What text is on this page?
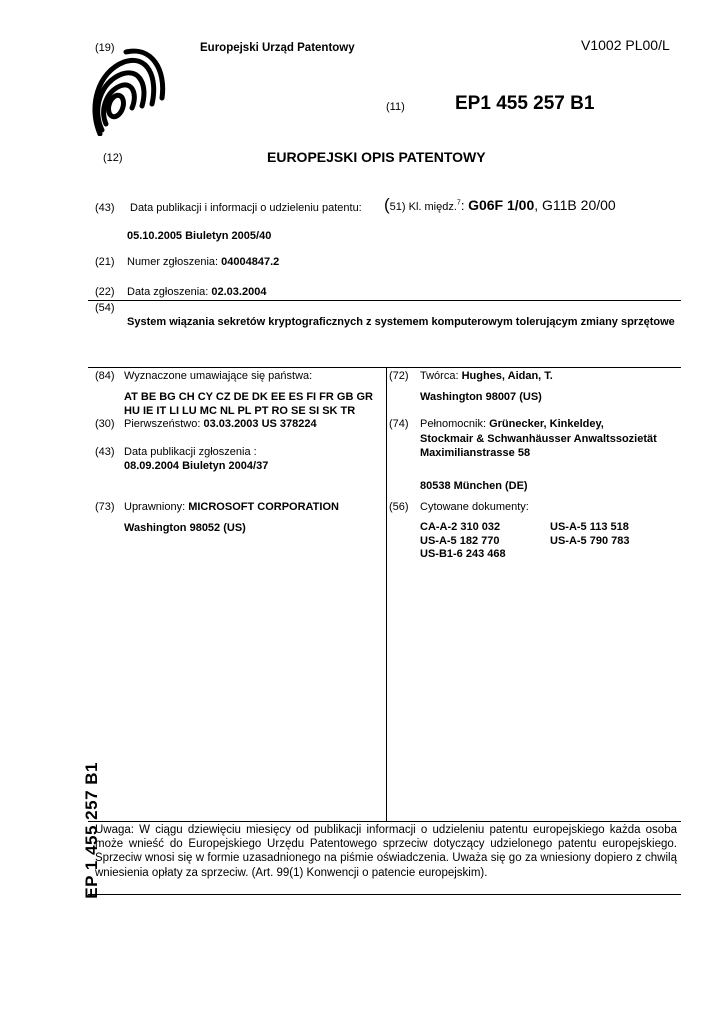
(19)	Europejski Urząd Patentowy	V1002 PL00/L
(11)	EP1 455 257 B1
(12)	EUROPEJSKI OPIS PATENTOWY
(43) Data publikacji i informacji o udzieleniu patentu: (51) Kl. międz.$^7$: G06F 1/00, G11B 20/00
05.10.2005 Biuletyn 2005/40
(21) Numer zgłoszenia: 04004847.2
(22) Data zgłoszenia: 02.03.2004
(54)
System wiązania sekretów kryptograficznych z systemem komputerowym tolerującym zmiany sprzętowe
(84) Wyznaczone umawiające się państwa:
AT BE BG CH CY CZ DE DK EE ES FI FR GB GR
HU IE IT LI LU MC NL PL PT RO SE SI SK TR
(30) Pierwszeństwo: 03.03.2003 US 378224
(43) Data publikacji zgłoszenia :
08.09.2004 Biuletyn 2004/37
(73) Uprawniony: MICROSOFT CORPORATION
Washington 98052 (US)
(72) Twórca: Hughes, Aidan, T.
Washington 98007 (US)
(74) Pełnomocnik: Grünecker, Kinkeldey,
Stockmair & Schwanhäusser Anwaltssozietät
Maximilianstrasse 58
80538 München (DE)
(56) Cytowane dokumenty:
CA-A-2 310 032	US-A-5 113 518
US-A-5 182 770	US-A-5 790 783
US-B1-6 243 468
EP 1 455 257 B1
Uwaga: W ciągu dziewięciu miesięcy od publikacji informacji o udzieleniu patentu europejskiego każda osoba może wnieść do Europejskiego Urzędu Patentowego sprzeciw dotyczący udzielonego patentu europejskiego. Sprzeciw wnosi się w formie uzasadnionego na piśmie oświadczenia. Uważa się go za wniesiony dopiero z chwilą wniesienia opłaty za sprzeciw. (Art. 99(1) Konwencji o patencie europejskim).
